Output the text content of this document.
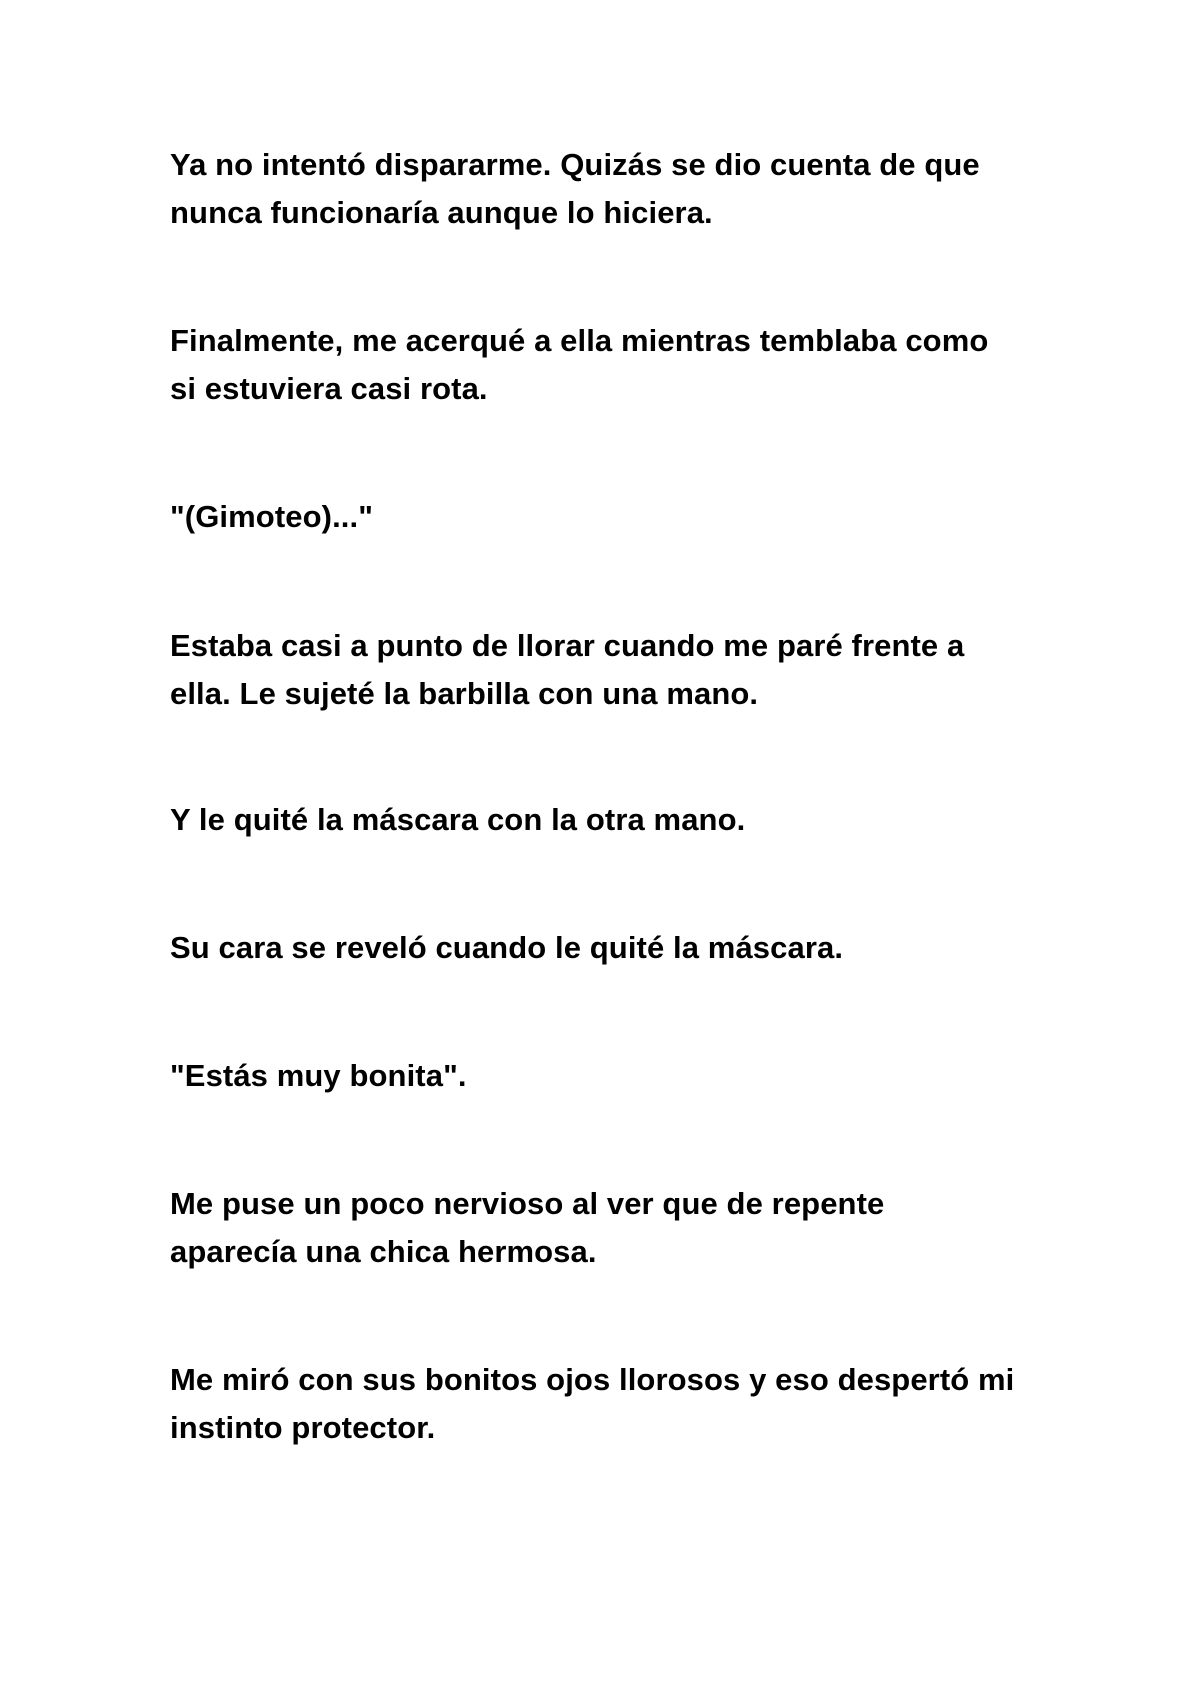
Ya no intentó dispararme. Quizás se dio cuenta de que
nunca funcionaría aunque lo hiciera.

Finalmente, me acerqué a ella mientras temblaba como
si estuviera casi rota.

"(Gimoteo)..."

Estaba casi a punto de llorar cuando me paré frente a
ella. Le sujeté la barbilla con una mano.

Y le quité la máscara con la otra mano.

Su cara se reveló cuando le quité la máscara.

"Estás muy bonita".

Me puse un poco nervioso al ver que de repente
aparecía una chica hermosa.

Me miró con sus bonitos ojos llorosos y eso despertó mi
instinto protector.
